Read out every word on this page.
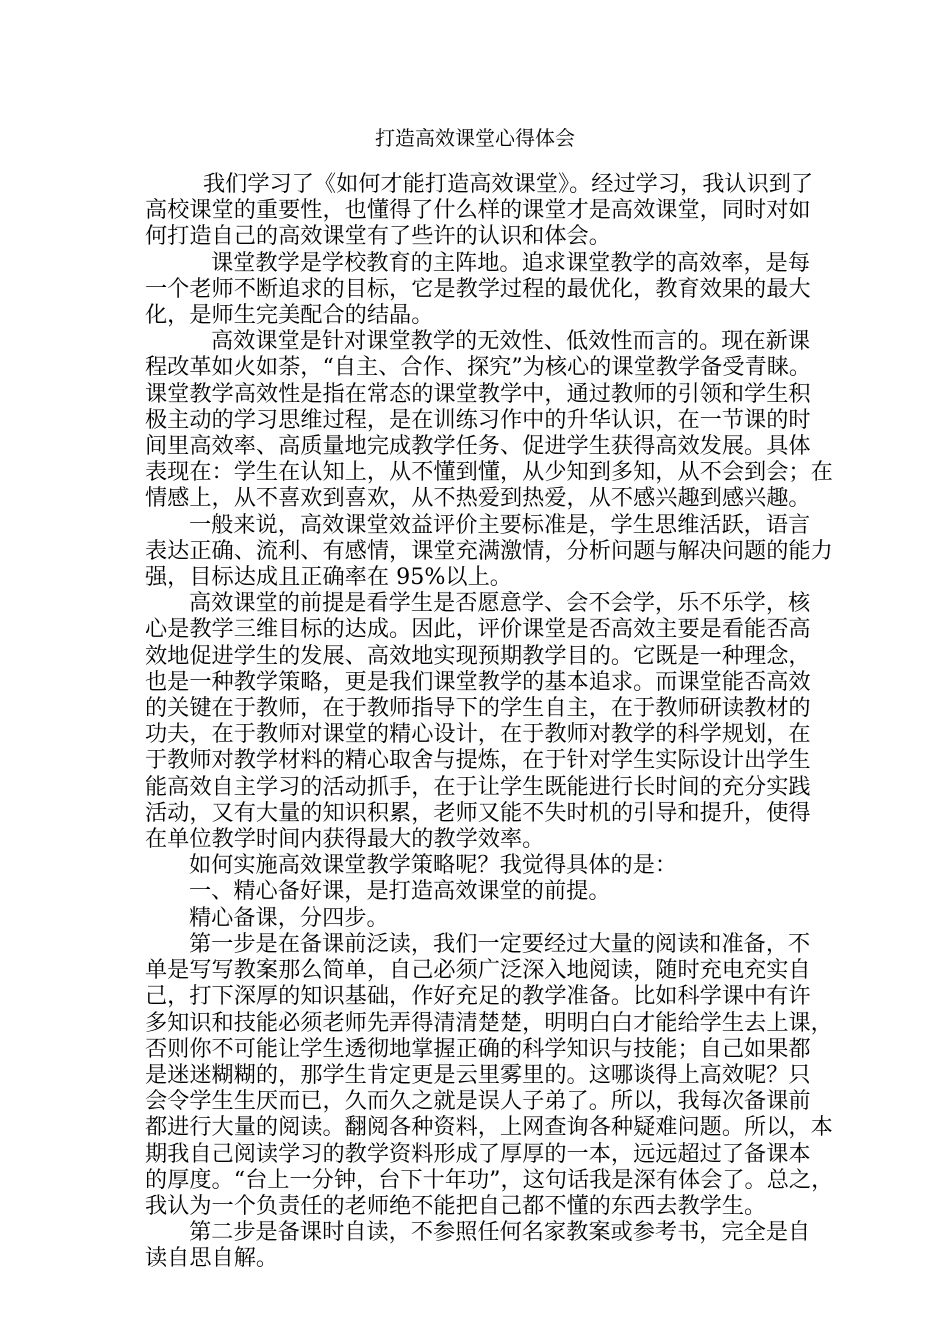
打造高效课堂心得体会

我们学习了《如何才能打造高效课堂》。经过学习，我认识到了
高校课堂的重要性，也懂得了什么样的课堂才是高效课堂，同时对如
何打造自己的高效课堂有了些许的认识和体会。

课堂教学是学校教育的主阵地。追求课堂教学的高效率，是每
一个老师不断追求的目标，它是教学过程的最优化，教育效果的最大
化，是师生完美配合的结晶。

高效课堂是针对课堂教学的无效性、低效性而言的。现在新课
程改革如火如荼，“自主、合作、探究”为核心的课堂教学备受青睐。
课堂教学高效性是指在常态的课堂教学中，通过教师的引领和学生积
极主动的学习思维过程，是在训练习作中的升华认识，在一节课的时
间里高效率、高质量地完成教学任务、促进学生获得高效发展。具体
表现在：学生在认知上，从不懂到懂，从少知到多知，从不会到会；在
情感上，从不喜欢到喜欢，从不热爱到热爱，从不感兴趣到感兴趣。

一般来说，高效课堂效益评价主要标准是，学生思维活跃，语言
表达正确、流利、有感情，课堂充满激情，分析问题与解决问题的能力
强，目标达成且正确率在 95%以上。

高效课堂的前提是看学生是否愿意学、会不会学，乐不乐学，核
心是教学三维目标的达成。因此，评价课堂是否高效主要是看能否高
效地促进学生的发展、高效地实现预期教学目的。它既是一种理念，
也是一种教学策略，更是我们课堂教学的基本追求。而课堂能否高效
的关键在于教师，在于教师指导下的学生自主，在于教师研读教材的
功夫，在于教师对课堂的精心设计，在于教师对教学的科学规划，在
于教师对教学材料的精心取舍与提炼，在于针对学生实际设计出学生
能高效自主学习的活动抓手，在于让学生既能进行长时间的充分实践
活动，又有大量的知识积累，老师又能不失时机的引导和提升，使得
在单位教学时间内获得最大的教学效率。

如何实施高效课堂教学策略呢？我觉得具体的是：

一、精心备好课，是打造高效课堂的前提。

精心备课，分四步。

第一步是在备课前泛读，我们一定要经过大量的阅读和准备，不
单是写写教案那么简单，自己必须广泛深入地阅读，随时充电充实自
己，打下深厚的知识基础，作好充足的教学准备。比如科学课中有许
多知识和技能必须老师先弄得清清楚楚，明明白白才能给学生去上课，
否则你不可能让学生透彻地掌握正确的科学知识与技能；自己如果都
是迷迷糊糊的，那学生肯定更是云里雾里的。这哪谈得上高效呢？只
会令学生生厌而已，久而久之就是误人子弟了。所以，我每次备课前
都进行大量的阅读。翻阅各种资料，上网查询各种疑难问题。所以，本
期我自己阅读学习的教学资料形成了厚厚的一本，远远超过了备课本
的厚度。“台上一分钟，台下十年功”，这句话我是深有体会了。总之，
我认为一个负责任的老师绝不能把自己都不懂的东西去教学生。

第二步是备课时自读，不参照任何名家教案或参考书，完全是自
读自思自解。
